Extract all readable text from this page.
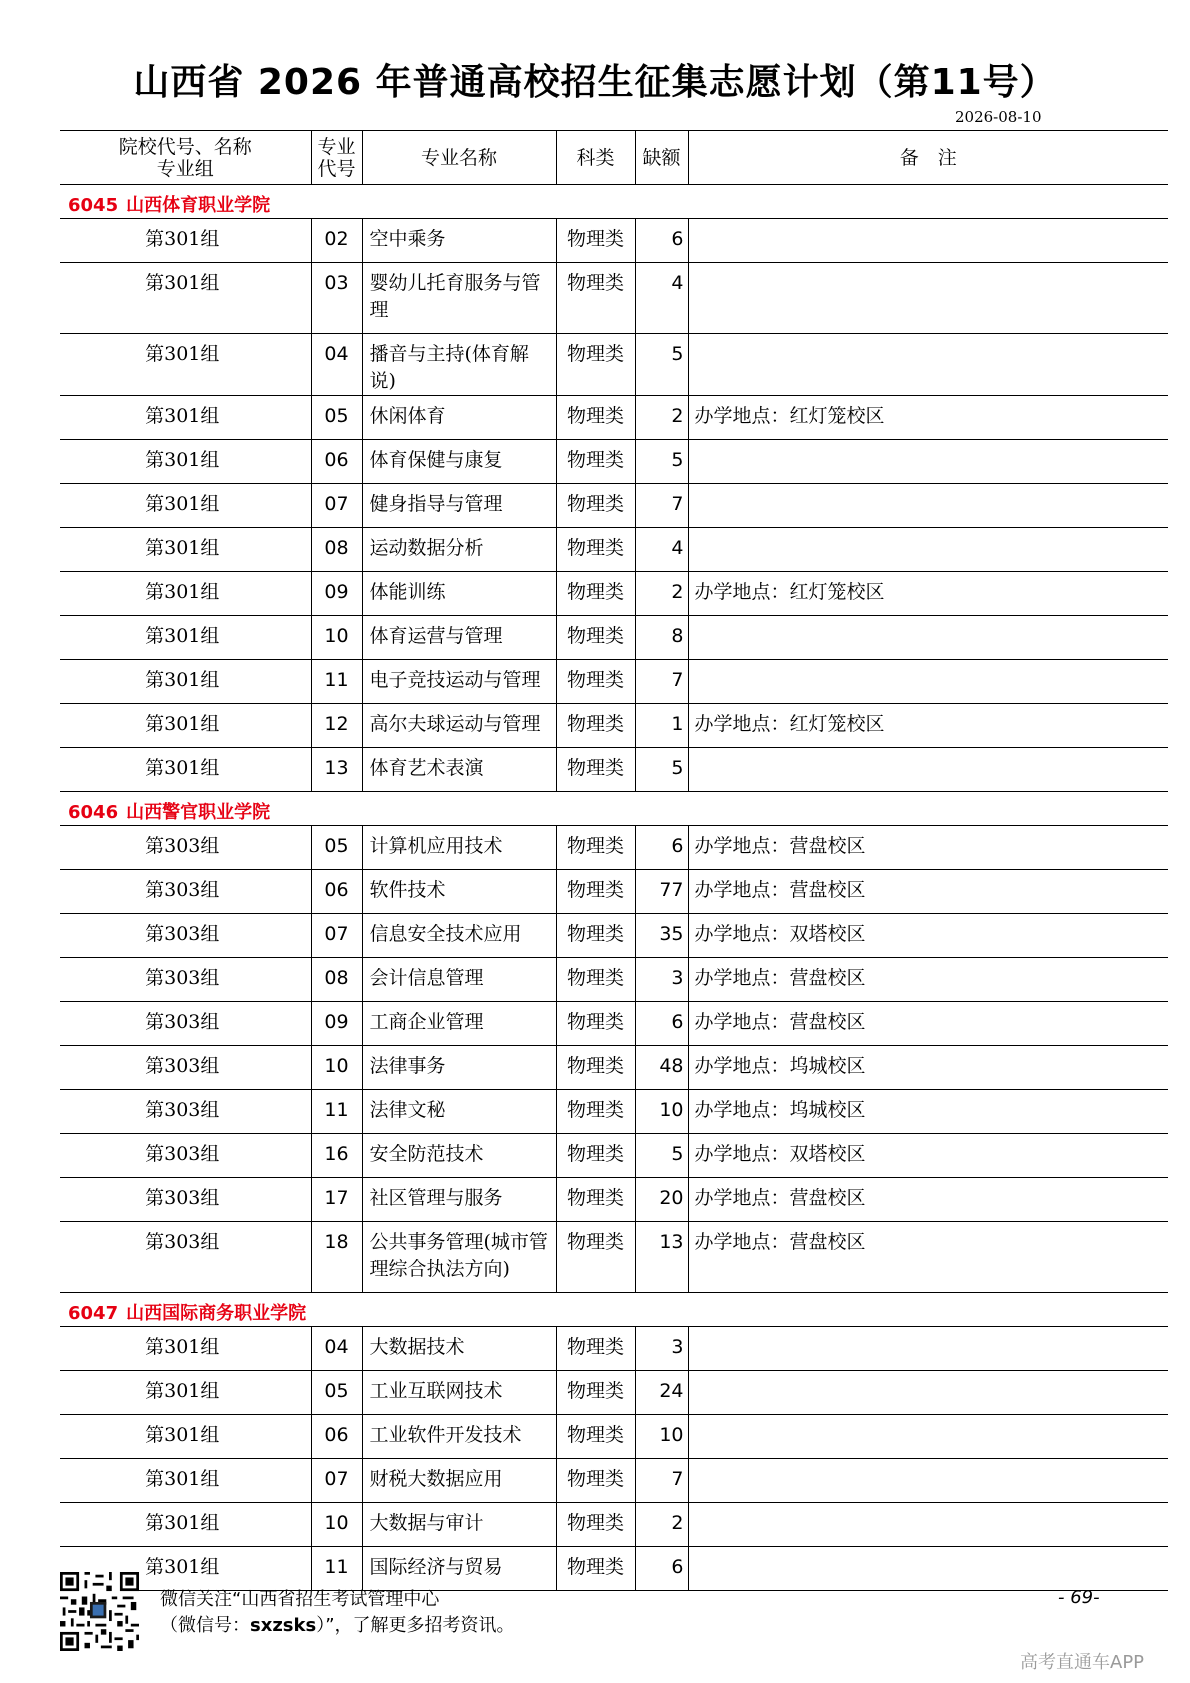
山西省 2026 年普通高校招生征集志愿计划（第11号）
2026-08-10
院校代号、名称
专业组	专业
代号	专业名称	科类	缺额	备　注
6045 山西体育职业学院					
第301组	02	空中乘务	物理类	6	
第301组	03	婴幼儿托育服务与管理	物理类	4	
第301组	04	播音与主持(体育解说)	物理类	5	
第301组	05	休闲体育	物理类	2	办学地点：红灯笼校区
第301组	06	体育保健与康复	物理类	5	
第301组	07	健身指导与管理	物理类	7	
第301组	08	运动数据分析	物理类	4	
第301组	09	体能训练	物理类	2	办学地点：红灯笼校区
第301组	10	体育运营与管理	物理类	8	
第301组	11	电子竞技运动与管理	物理类	7	
第301组	12	高尔夫球运动与管理	物理类	1	办学地点：红灯笼校区
第301组	13	体育艺术表演	物理类	5	
6046 山西警官职业学院					
第303组	05	计算机应用技术	物理类	6	办学地点：营盘校区
第303组	06	软件技术	物理类	77	办学地点：营盘校区
第303组	07	信息安全技术应用	物理类	35	办学地点：双塔校区
第303组	08	会计信息管理	物理类	3	办学地点：营盘校区
第303组	09	工商企业管理	物理类	6	办学地点：营盘校区
第303组	10	法律事务	物理类	48	办学地点：坞城校区
第303组	11	法律文秘	物理类	10	办学地点：坞城校区
第303组	16	安全防范技术	物理类	5	办学地点：双塔校区
第303组	17	社区管理与服务	物理类	20	办学地点：营盘校区
第303组	18	公共事务管理(城市管理综合执法方向)	物理类	13	办学地点：营盘校区
6047 山西国际商务职业学院					
第301组	04	大数据技术	物理类	3	
第301组	05	工业互联网技术	物理类	24	
第301组	06	工业软件开发技术	物理类	10	
第301组	07	财税大数据应用	物理类	7	
第301组	10	大数据与审计	物理类	2	
第301组	11	国际经济与贸易	物理类	6	
微信关注“山西省招生考试管理中心
（微信号：sxzsks）”，了解更多招考资讯。
- 69-
高考直通车APP
